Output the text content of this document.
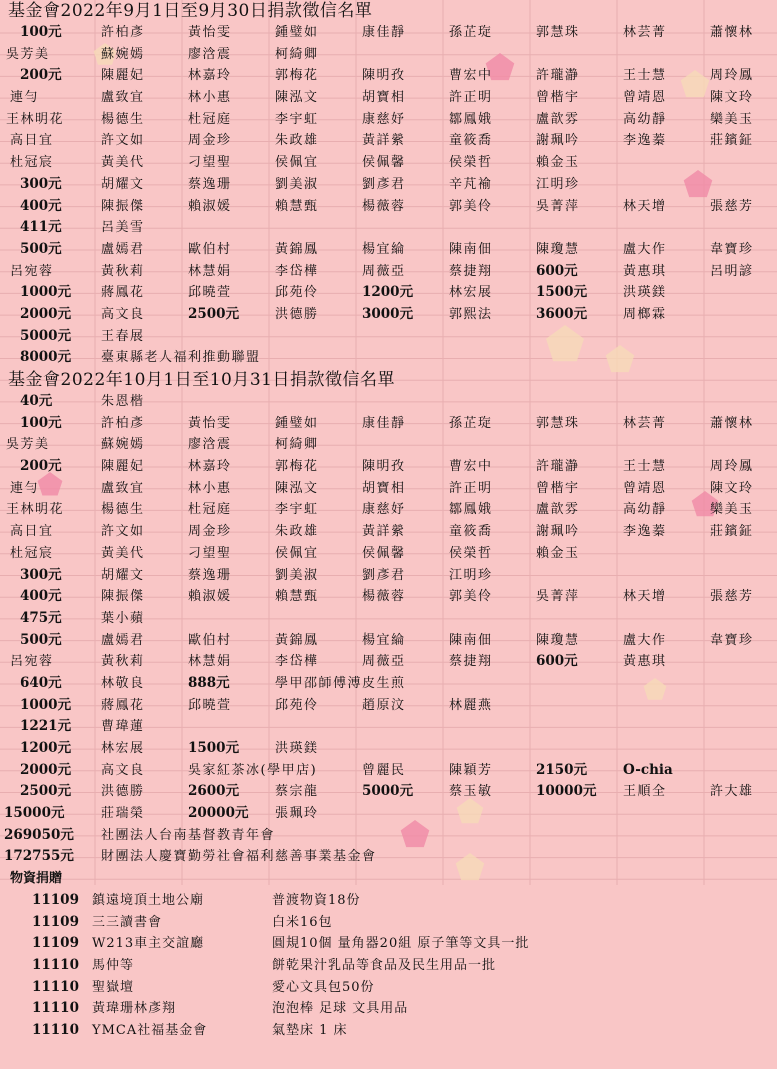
基金會2022年9月1日至9月30日捐款徵信名單
100元	許柏彥	黃怡雯	鍾璧如	康佳靜	孫芷琁	郭慧珠	林芸菁	蕭懷林
吳芳美	蘇婉嫣	廖浛震	柯綺卿
200元	陳麗妃	林嘉玲	郭梅花	陳明孜	曹宏中	許瓏瀞	王士慧	周玲鳳
連勻	盧致宜	林小惠	陳泓文	胡寶相	許正明	曾楷宇	曾靖恩	陳文玲
王林明花	楊德生	杜冠庭	李宇虹	康慈妤	鄒鳳娥	盧歆雰	高幼靜	欒美玉
高日宜	許文如	周金珍	朱政雄	黃詳縈	童筱喬	謝珮吟	李逸蓁	莊鑌鉦
杜冠宸	黃美代	刁望聖	侯佩宜	侯佩馨	侯榮哲	賴金玉
300元	胡耀文	蔡逸珊	劉美淑	劉彥君	辛芃褕	江明珍
400元	陳振傑	賴淑媛	賴慧甄	楊薇蓉	郭美伶	吳菁萍	林天增	張慈芳
411元	呂美雪
500元	盧嫣君	歐伯村	黃錦鳳	楊宜綸	陳南佃	陳瓊慧	盧大作	韋寶珍
呂宛蓉	黃秋莉	林慧娟	李岱樺	周薇亞	蔡捷翔	600元	黃惠琪	呂明諺
1000元	蔣鳳花	邱曉萱	邱苑伶	1200元	林宏展	1500元	洪瑛鎂
2000元	高文良	2500元	洪德勝	3000元	郭熙法	3600元	周榔霖
5000元	王春展
8000元	臺東縣老人福利推動聯盟
基金會2022年10月1日至10月31日捐款徵信名單
40元	朱恩楷
100元	許柏彥	黃怡雯	鍾璧如	康佳靜	孫芷琁	郭慧珠	林芸菁	蕭懷林
吳芳美	蘇婉嫣	廖浛震	柯綺卿
200元	陳麗妃	林嘉玲	郭梅花	陳明孜	曹宏中	許瓏瀞	王士慧	周玲鳳
連勻	盧致宜	林小惠	陳泓文	胡寶相	許正明	曾楷宇	曾靖恩	陳文玲
王林明花	楊德生	杜冠庭	李宇虹	康慈妤	鄒鳳娥	盧歆雰	高幼靜	欒美玉
高日宜	許文如	周金珍	朱政雄	黃詳縈	童筱喬	謝珮吟	李逸蓁	莊鑌鉦
杜冠宸	黃美代	刁望聖	侯佩宜	侯佩馨	侯榮哲	賴金玉
300元	胡耀文	蔡逸珊	劉美淑	劉彥君	江明珍
400元	陳振傑	賴淑媛	賴慧甄	楊薇蓉	郭美伶	吳菁萍	林天增	張慈芳
475元	葉小蘋
500元	盧嫣君	歐伯村	黃錦鳳	楊宜綸	陳南佃	陳瓊慧	盧大作	韋寶珍
呂宛蓉	黃秋莉	林慧娟	李岱樺	周薇亞	蔡捷翔	600元	黃惠琪
640元	林敬良	888元	學甲邵師傅溥皮生煎
1000元	蔣鳳花	邱曉萱	邱苑伶	趙原汶	林麗燕
1221元	曹瑋蓮
1200元	林宏展	1500元	洪瑛鎂
2000元	高文良	吳家紅茶冰(學甲店)	曾麗民	陳穎芳	2150元	O-chia
2500元	洪德勝	2600元	蔡宗龍	5000元	蔡玉敏	10000元	王順全	許大雄
15000元	莊瑞榮	20000元	張珮玲
269050元	社團法人台南基督教青年會
172755元	財團法人慶寶勤勞社會福利慈善事業基金會
物資捐贈
11109	鎮遠境頂土地公廟	普渡物資18份
11109	三三讀書會	白米16包
11109	W213車主交誼廳	圓規10個 量角器20組 原子筆等文具一批
11110	馬仲等	餅乾果汁乳品等食品及民生用品一批
11110	聖嶽壇	愛心文具包50份
11110	黃瑋珊林彥翔	泡泡棒 足球 文具用品
11110	YMCA社福基金會	氣墊床 1 床
